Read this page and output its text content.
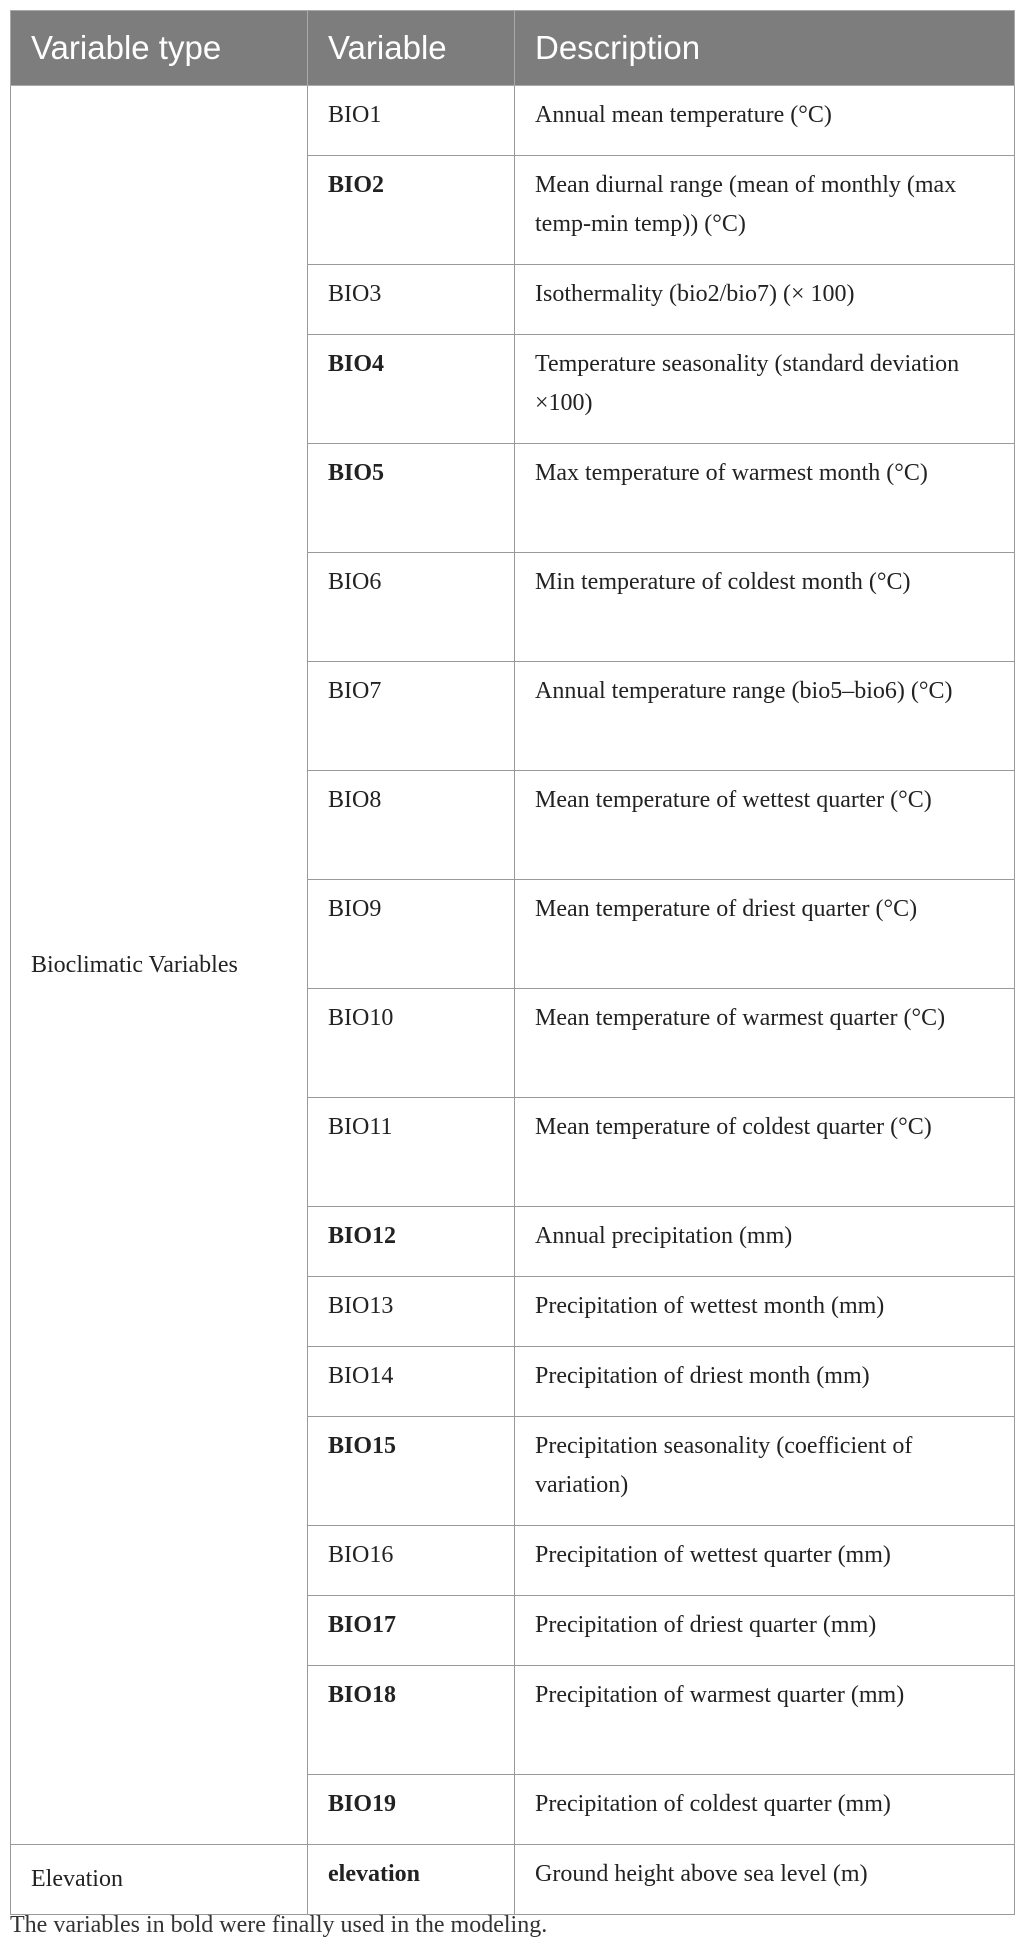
Variable type	Variable	Description
Bioclimatic Variables	BIO1	Annual mean temperature (°C)
	BIO2	Mean diurnal range (mean of monthly (max temp-min temp)) (°C)
	BIO3	Isothermality (bio2/bio7) (× 100)
	BIO4	Temperature seasonality (standard deviation ×100)
	BIO5	Max temperature of warmest month (°C)
	BIO6	Min temperature of coldest month (°C)
	BIO7	Annual temperature range (bio5–bio6) (°C)
	BIO8	Mean temperature of wettest quarter (°C)
	BIO9	Mean temperature of driest quarter (°C)
	BIO10	Mean temperature of warmest quarter (°C)
	BIO11	Mean temperature of coldest quarter (°C)
	BIO12	Annual precipitation (mm)
	BIO13	Precipitation of wettest month (mm)
	BIO14	Precipitation of driest month (mm)
	BIO15	Precipitation seasonality (coefficient of variation)
	BIO16	Precipitation of wettest quarter (mm)
	BIO17	Precipitation of driest quarter (mm)
	BIO18	Precipitation of warmest quarter (mm)
	BIO19	Precipitation of coldest quarter (mm)
Elevation	elevation	Ground height above sea level (m)
The variables in bold were finally used in the modeling.
